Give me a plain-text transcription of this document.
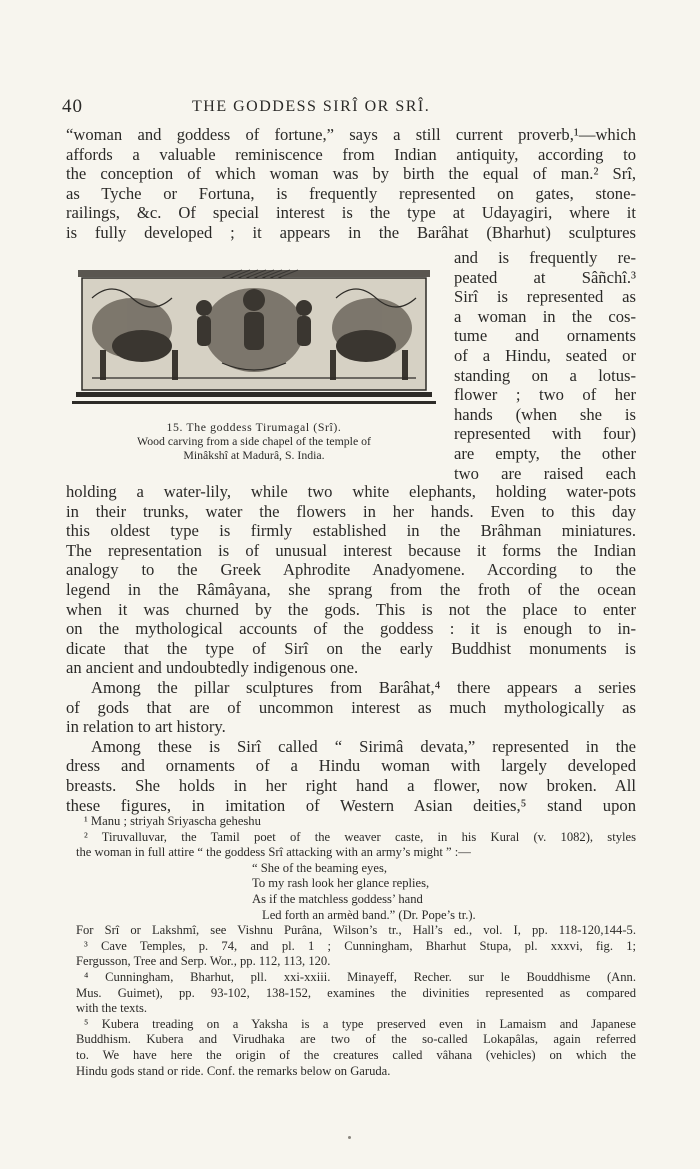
40	THE GODDESS SIRÎ OR SRÎ.
“woman and goddess of fortune,” says a still current proverb,¹—which
affords a valuable reminiscence from Indian antiquity, according to
the conception of which woman was by birth the equal of man.² Srî,
as Tyche or Fortuna, is frequently represented on gates, stone-
railings, &c. Of special interest is the type at Udayagiri, where it
is fully developed ; it appears in the Barâhat (Bharhut) sculptures
15. The goddess Tirumagal (Srî).
Wood carving from a side chapel of the temple of
Minâkshî at Madurâ, S. India.
and is frequently re-
peated at Sâñchî.³
Sirî is represented as
a woman in the cos-
tume and ornaments
of a Hindu, seated or
standing on a lotus-
flower ; two of her
hands (when she is
represented with four)
are empty, the other
two are raised each
holding a water-lily, while two white elephants, holding water-pots
in their trunks, water the flowers in her hands. Even to this day
this oldest type is firmly established in the Brâhman miniatures.
The representation is of unusual interest because it forms the Indian
analogy to the Greek Aphrodite Anadyomene. According to the
legend in the Râmâyana, she sprang from the froth of the ocean
when it was churned by the gods. This is not the place to enter
on the mythological accounts of the goddess : it is enough to in-
dicate that the type of Sirî on the early Buddhist monuments is
an ancient and undoubtedly indigenous one.
Among the pillar sculptures from Barâhat,⁴ there appears a series
of gods that are of uncommon interest as much mythologically as
in relation to art history.
Among these is Sirî called “ Sirimâ devata,” represented in the
dress and ornaments of a Hindu woman with largely developed
breasts. She holds in her right hand a flower, now broken. All
these figures, in imitation of Western Asian deities,⁵ stand upon
¹ Manu ; striyah Sriyascha geheshu
² Tiruvalluvar, the Tamil poet of the weaver caste, in his Kural (v. 1082), styles
the woman in full attire “ the goddess Srî attacking with an army’s might ” :—
“ She of the beaming eyes,
To my rash look her glance replies,
As if the matchless goddess’ hand
Led forth an armèd band.” (Dr. Pope’s tr.).
For Srî or Lakshmî, see Vishnu Purâna, Wilson’s tr., Hall’s ed., vol. I, pp. 118-120,144-5.
³ Cave Temples, p. 74, and pl. 1 ; Cunningham, Bharhut Stupa, pl. xxxvi, fig. 1;
Fergusson, Tree and Serp. Wor., pp. 112, 113, 120.
⁴ Cunningham, Bharhut, pll. xxi-xxiii. Minayeff, Recher. sur le Bouddhisme (Ann.
Mus. Guimet), pp. 93-102, 138-152, examines the divinities represented as compared
with the texts.
⁵ Kubera treading on a Yaksha is a type preserved even in Lamaism and Japanese
Buddhism. Kubera and Virudhaka are two of the so-called Lokapâlas, again referred
to. We have here the origin of the creatures called vâhana (vehicles) on which the
Hindu gods stand or ride. Conf. the remarks below on Garuda.
